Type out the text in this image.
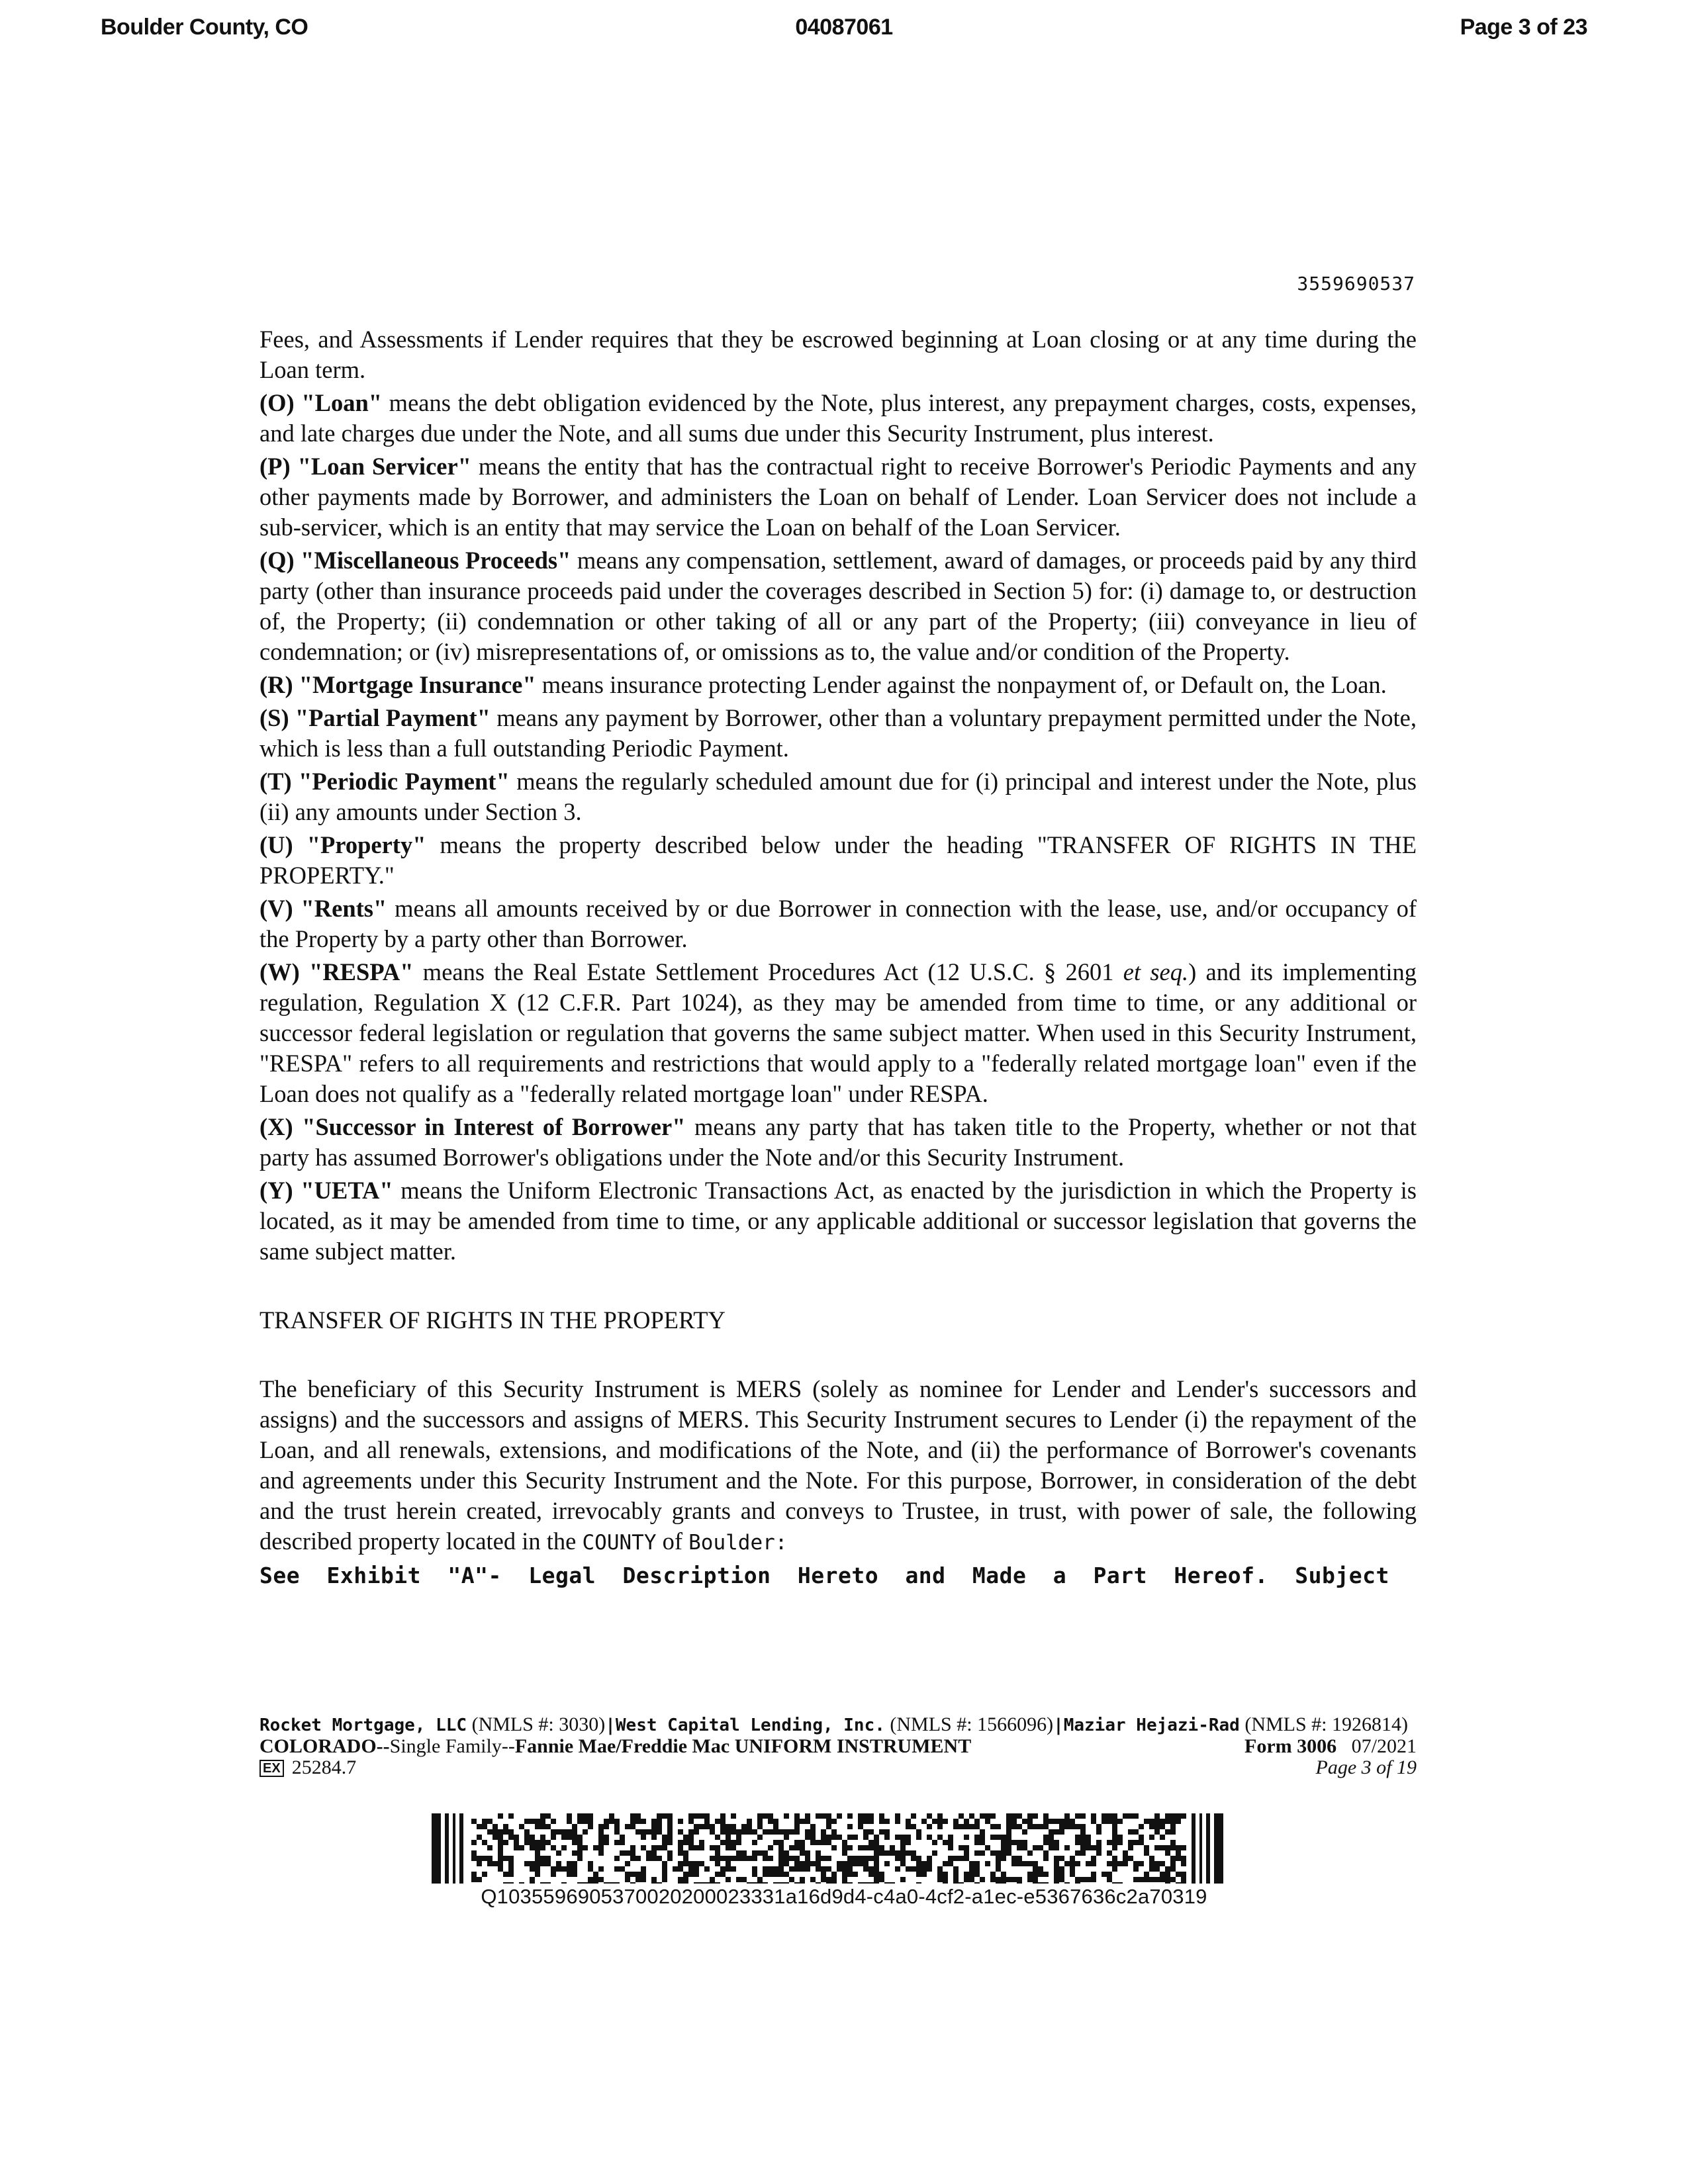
Boulder County, CO	04087061	Page 3 of 23
3559690537

Fees, and Assessments if Lender requires that they be escrowed beginning at Loan closing or at any time during the Loan term.

(O) "Loan" means the debt obligation evidenced by the Note, plus interest, any prepayment charges, costs, expenses, and late charges due under the Note, and all sums due under this Security Instrument, plus interest.

(P) "Loan Servicer" means the entity that has the contractual right to receive Borrower's Periodic Payments and any other payments made by Borrower, and administers the Loan on behalf of Lender. Loan Servicer does not include a sub-servicer, which is an entity that may service the Loan on behalf of the Loan Servicer.

(Q) "Miscellaneous Proceeds" means any compensation, settlement, award of damages, or proceeds paid by any third party (other than insurance proceeds paid under the coverages described in Section 5) for: (i) damage to, or destruction of, the Property; (ii) condemnation or other taking of all or any part of the Property; (iii) conveyance in lieu of condemnation; or (iv) misrepresentations of, or omissions as to, the value and/or condition of the Property.

(R) "Mortgage Insurance" means insurance protecting Lender against the nonpayment of, or Default on, the Loan.

(S) "Partial Payment" means any payment by Borrower, other than a voluntary prepayment permitted under the Note, which is less than a full outstanding Periodic Payment.

(T) "Periodic Payment" means the regularly scheduled amount due for (i) principal and interest under the Note, plus (ii) any amounts under Section 3.

(U) "Property" means the property described below under the heading "TRANSFER OF RIGHTS IN THE PROPERTY."

(V) "Rents" means all amounts received by or due Borrower in connection with the lease, use, and/or occupancy of the Property by a party other than Borrower.

(W) "RESPA" means the Real Estate Settlement Procedures Act (12 U.S.C. § 2601 et seq.) and its implementing regulation, Regulation X (12 C.F.R. Part 1024), as they may be amended from time to time, or any additional or successor federal legislation or regulation that governs the same subject matter. When used in this Security Instrument, "RESPA" refers to all requirements and restrictions that would apply to a "federally related mortgage loan" even if the Loan does not qualify as a "federally related mortgage loan" under RESPA.

(X) "Successor in Interest of Borrower" means any party that has taken title to the Property, whether or not that party has assumed Borrower's obligations under the Note and/or this Security Instrument.

(Y) "UETA" means the Uniform Electronic Transactions Act, as enacted by the jurisdiction in which the Property is located, as it may be amended from time to time, or any applicable additional or successor legislation that governs the same subject matter.

TRANSFER OF RIGHTS IN THE PROPERTY

The beneficiary of this Security Instrument is MERS (solely as nominee for Lender and Lender's successors and assigns) and the successors and assigns of MERS. This Security Instrument secures to Lender (i) the repayment of the Loan, and all renewals, extensions, and modifications of the Note, and (ii) the performance of Borrower's covenants and agreements under this Security Instrument and the Note. For this purpose, Borrower, in consideration of the debt and the trust herein created, irrevocably grants and conveys to Trustee, in trust, with power of sale, the following described property located in the COUNTY of Boulder:

See Exhibit "A"- Legal Description Hereto and Made a Part Hereof. Subject
Rocket Mortgage, LLC (NMLS #: 3030)|West Capital Lending, Inc. (NMLS #: 1566096)|Maziar Hejazi-Rad (NMLS #: 1926814)
COLORADO--Single Family--Fannie Mae/Freddie Mac UNIFORM INSTRUMENT	Form 3006 07/2021
EX 25284.7	Page 3 of 19
Q1035596905370020200023331a16d9d4-c4a0-4cf2-a1ec-e5367636c2a70319
